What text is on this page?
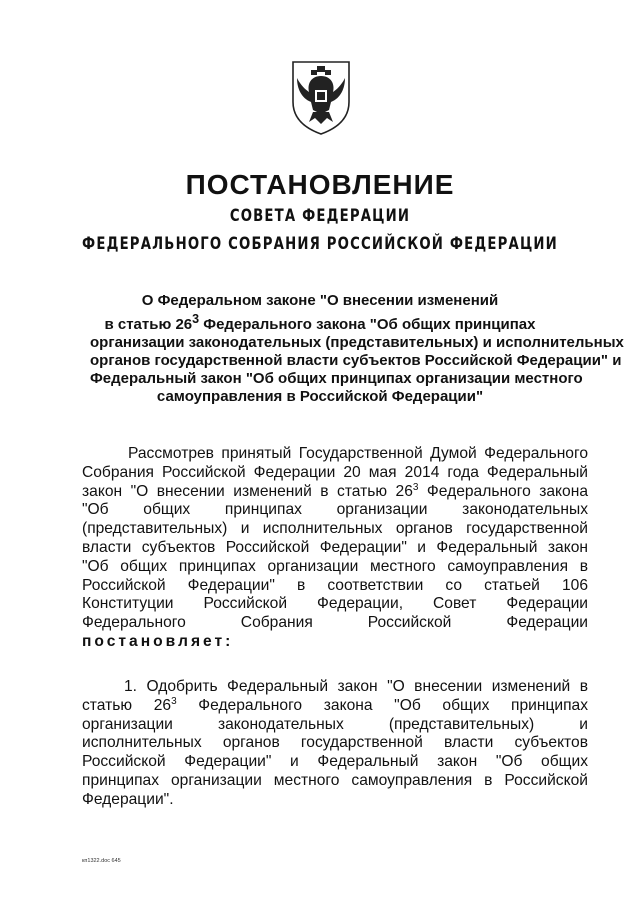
ПОСТАНОВЛЕНИЕ
СОВЕТА ФЕДЕРАЦИИ
ФЕДЕРАЛЬНОГО СОБРАНИЯ РОССИЙСКОЙ ФЕДЕРАЦИИ
О Федеральном законе "О внесении изменений
в статью $26^3$ Федерального закона "Об общих принципах
организации законодательных (представительных) и исполнительных
органов государственной власти субъектов Российской Федерации" и
Федеральный закон "Об общих принципах организации местного
самоуправления в Российской Федерации"
Рассмотрев принятый Государственной Думой Федерального
Собрания Российской Федерации 20 мая 2014 года Федеральный
закон "О внесении изменений в статью $26^3$ Федерального закона
"Об общих принципах организации законодательных
(представительных) и исполнительных органов государственной
власти субъектов Российской Федерации" и Федеральный закон
"Об общих принципах организации местного самоуправления в
Российской Федерации" в соответствии со статьей 106
Конституции Российской Федерации, Совет Федерации
Федерального Собрания Российской Федерации
постановляет:
1. Одобрить Федеральный закон "О внесении изменений в
статью $26^3$ Федерального закона "Об общих принципах
организации законодательных (представительных) и
исполнительных органов государственной власти субъектов
Российской Федерации" и Федеральный закон "Об общих
принципах организации местного самоуправления в Российской
Федерации".
кп1322.doc 645
